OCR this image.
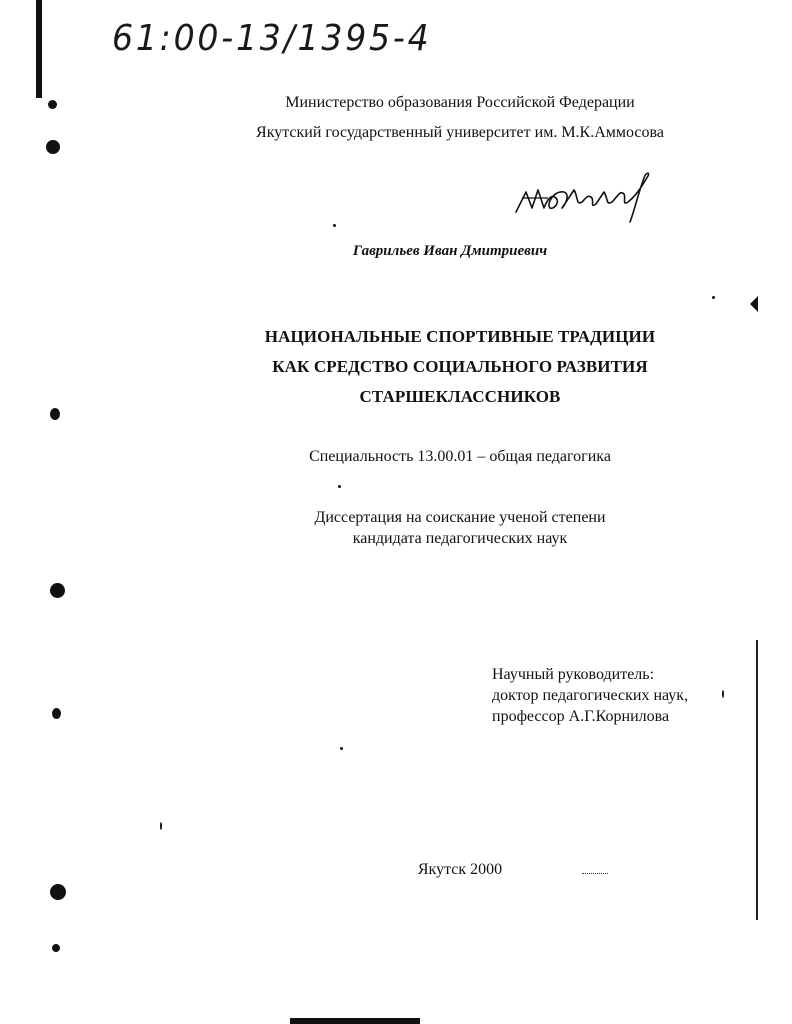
61:00-13/1395-4
Министерство образования Российской Федерации
Якутский государственный университет им. М.К.Аммосова
Гаврильев Иван Дмитриевич
НАЦИОНАЛЬНЫЕ СПОРТИВНЫЕ ТРАДИЦИИ
КАК СРЕДСТВО СОЦИАЛЬНОГО РАЗВИТИЯ
СТАРШЕКЛАССНИКОВ
Специальность 13.00.01 – общая педагогика
Диссертация на соискание ученой степени
кандидата педагогических наук
Научный руководитель:
доктор педагогических наук,
профессор А.Г.Корнилова
Якутск 2000
